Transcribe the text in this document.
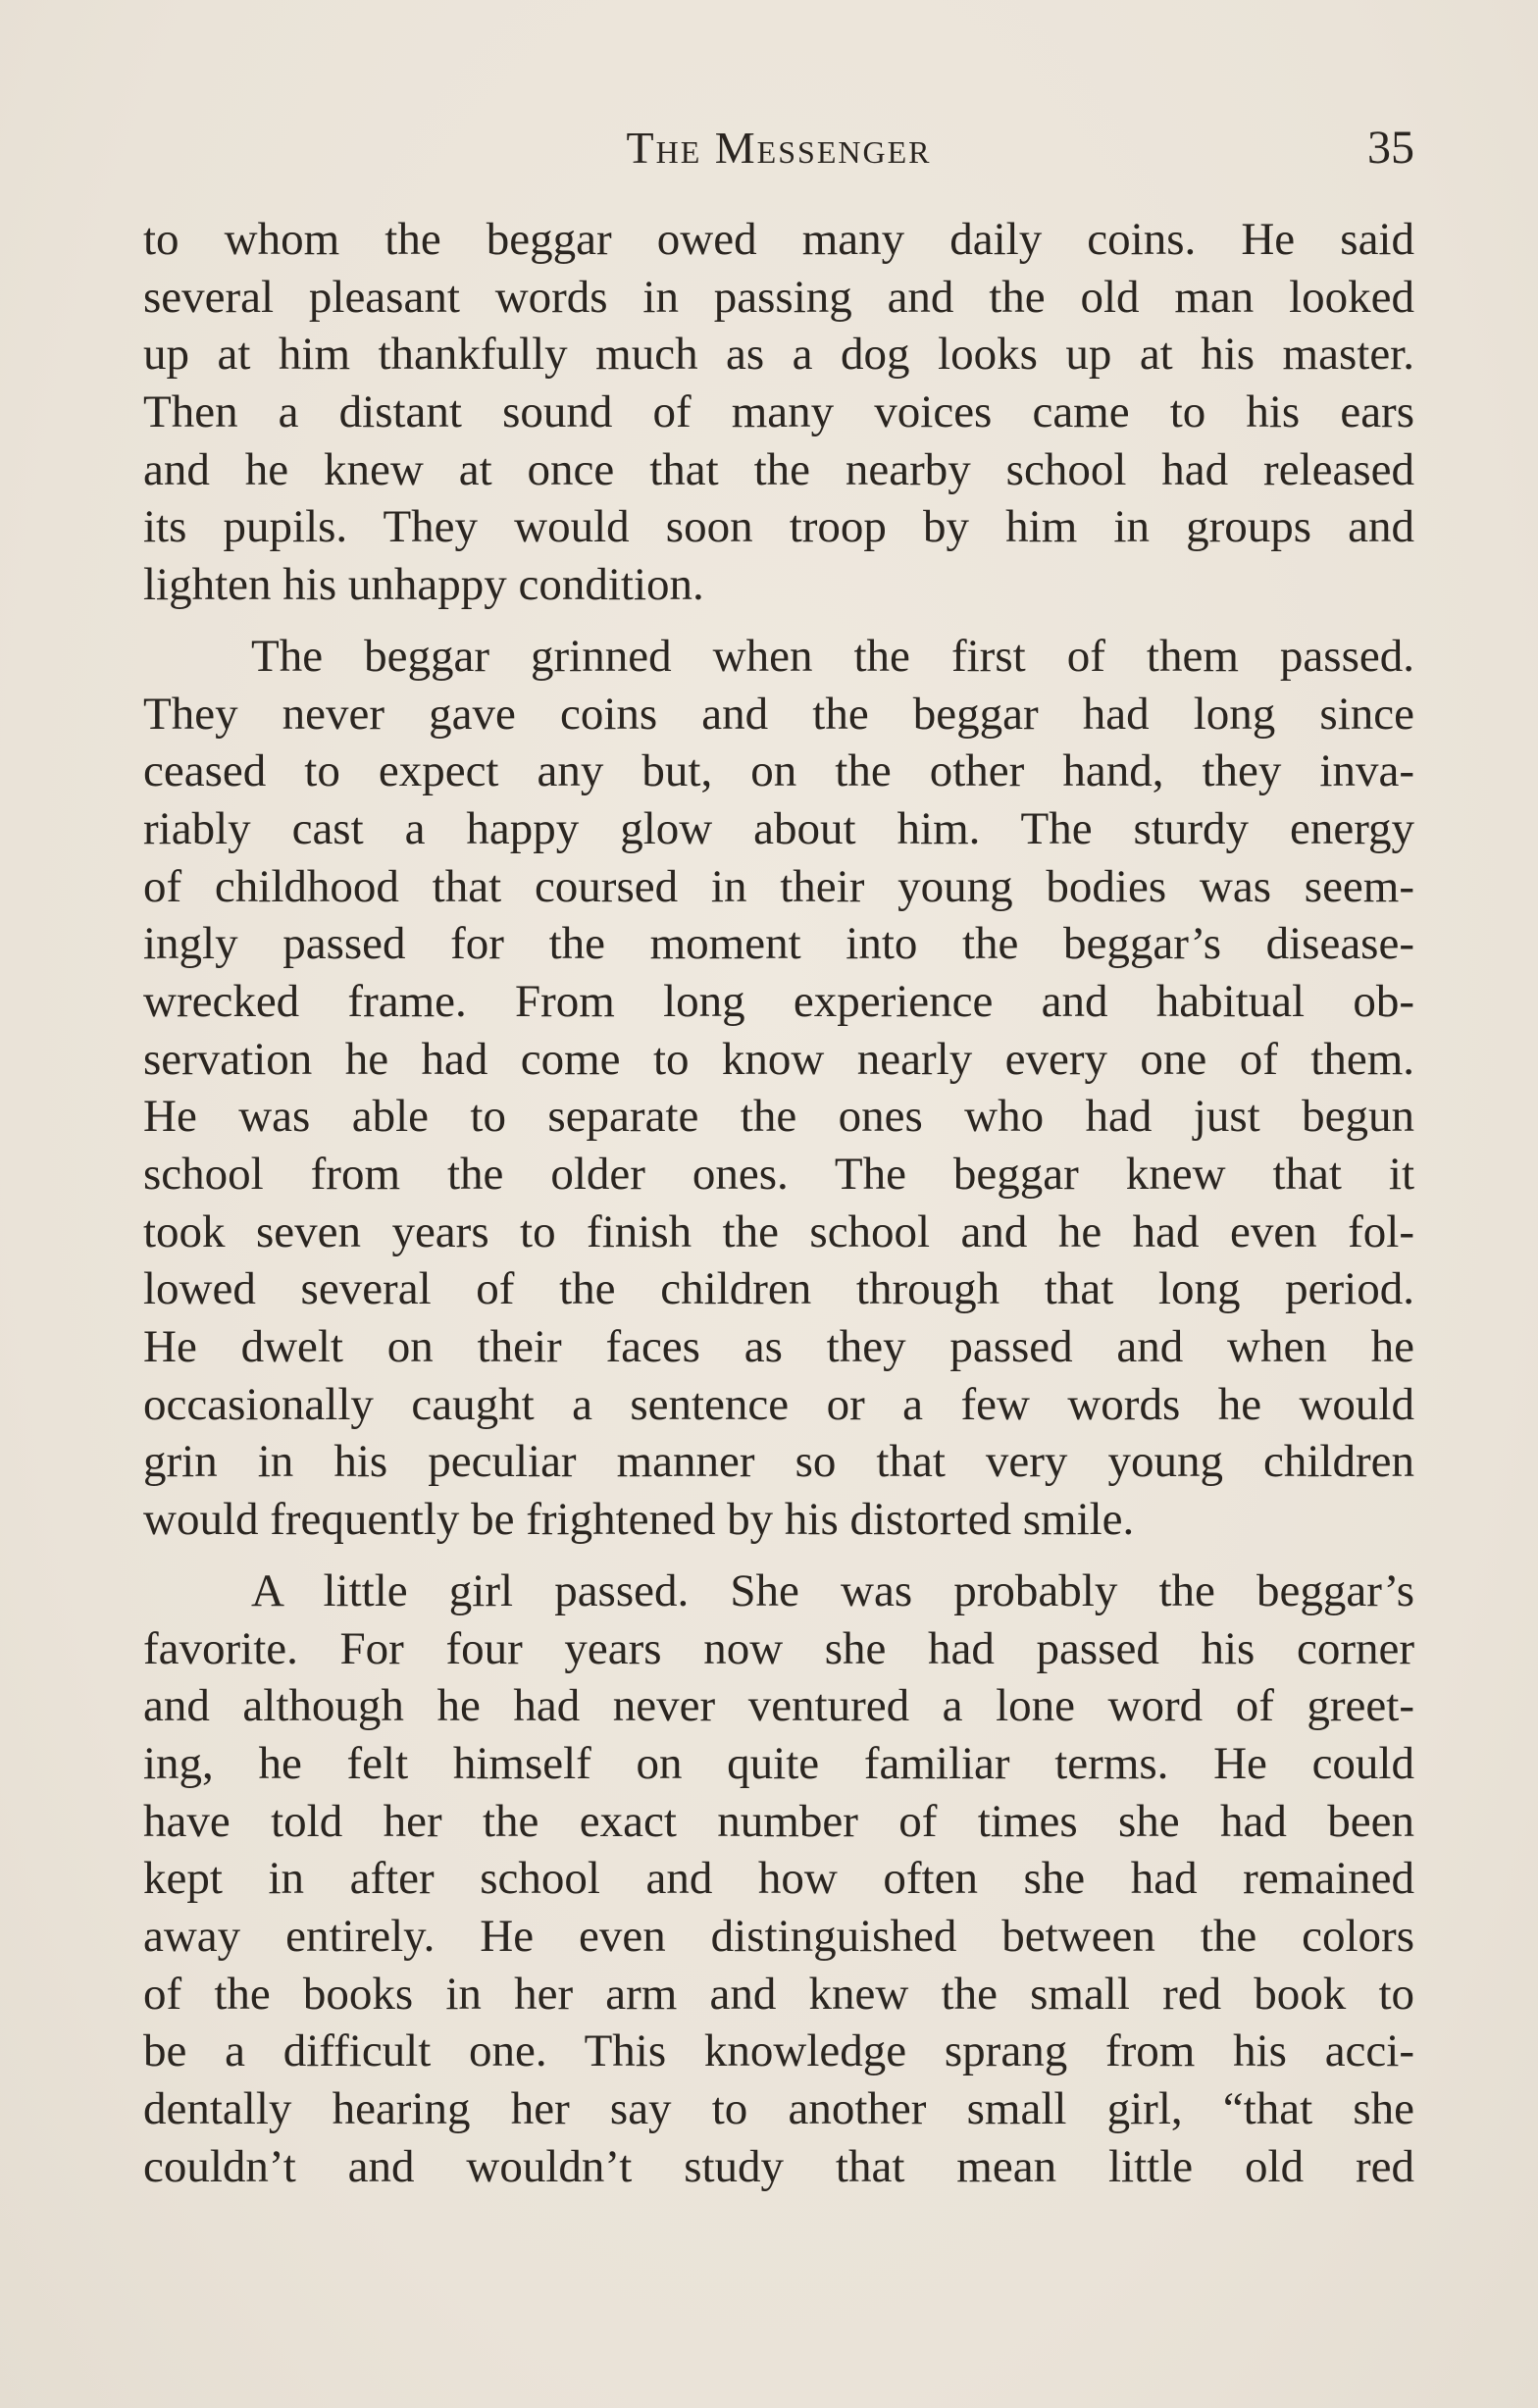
The Messenger	35
to whom the beggar owed many daily coins. He said
several pleasant words in passing and the old man looked
up at him thankfully much as a dog looks up at his master.
Then a distant sound of many voices came to his ears
and he knew at once that the nearby school had released
its pupils. They would soon troop by him in groups and
lighten his unhappy condition.
The beggar grinned when the first of them passed.
They never gave coins and the beggar had long since
ceased to expect any but, on the other hand, they inva-
riably cast a happy glow about him. The sturdy energy
of childhood that coursed in their young bodies was seem-
ingly passed for the moment into the beggar’s disease-
wrecked frame. From long experience and habitual ob-
servation he had come to know nearly every one of them.
He was able to separate the ones who had just begun
school from the older ones. The beggar knew that it
took seven years to finish the school and he had even fol-
lowed several of the children through that long period.
He dwelt on their faces as they passed and when he
occasionally caught a sentence or a few words he would
grin in his peculiar manner so that very young children
would frequently be frightened by his distorted smile.
A little girl passed. She was probably the beggar’s
favorite. For four years now she had passed his corner
and although he had never ventured a lone word of greet-
ing, he felt himself on quite familiar terms. He could
have told her the exact number of times she had been
kept in after school and how often she had remained
away entirely. He even distinguished between the colors
of the books in her arm and knew the small red book to
be a difficult one. This knowledge sprang from his acci-
dentally hearing her say to another small girl, “that she
couldn’t and wouldn’t study that mean little old red
